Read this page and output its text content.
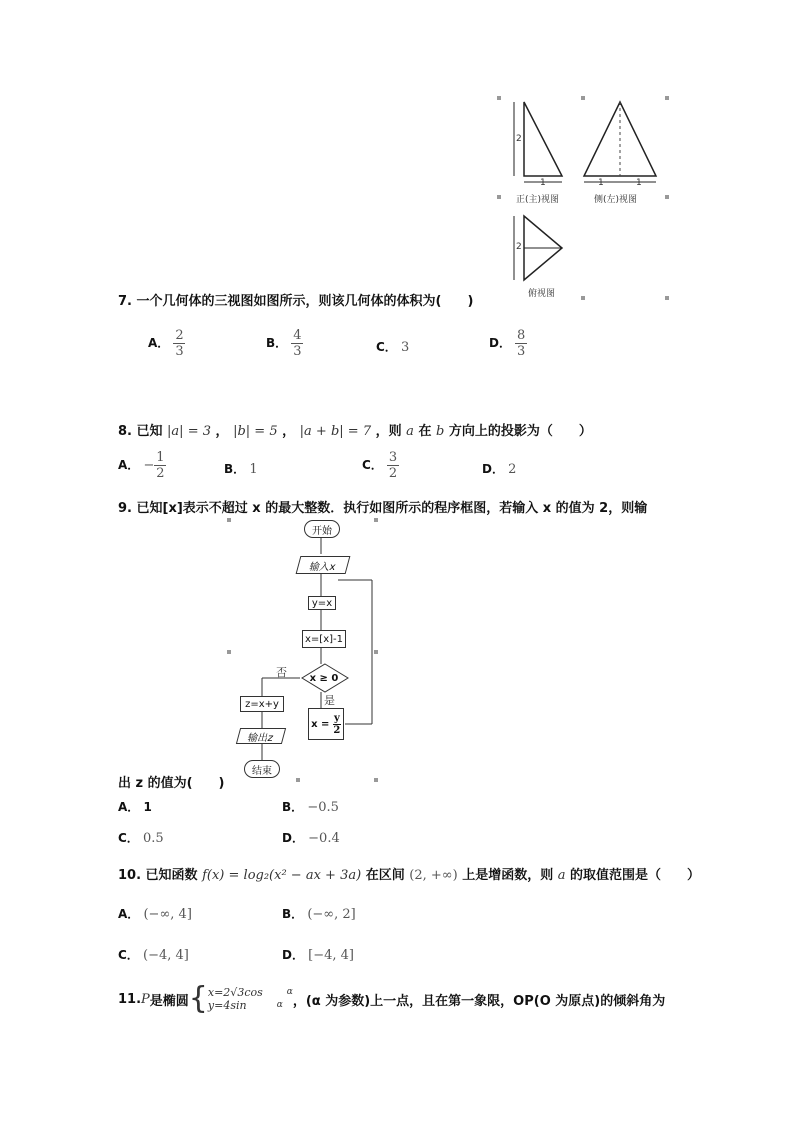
2
1	1	1
2
正(主)视图	侧(左)视图
俯视图
7. 一个几何体的三视图如图所示，则该几何体的体积为(　　)
A． $\frac{2}{3}$	B． $\frac{4}{3}$	C． 3	D． $\frac{8}{3}$
8. 已知 |a| = 3 ， |b| = 5 ， |a + b| = 7 ，则 a 在 b 方向上的投影为（　　）
A． − $\frac{1}{2}$	B． 1	C． $\frac{3}{2}$	D． 2
9. 已知[x]表示不超过 x 的最大整数．执行如图所示的程序框图，若输入 x 的值为 2，则输
开始
输入x
y=x
x=[x]-1
x ≥ 0
否
是
z=x+y
x =
$\frac{y}{2}$
输出z
结束
出 z 的值为(　　)
A． 1	B． −0.5
C． 0.5	D． −0.4
10. 已知函数 f(x) = log₂(x² − ax + 3a) 在区间 (2, +∞) 上是增函数，则 a 的取值范围是（　　）
A． (−∞, 4]	B． (−∞, 2]
C． (−4, 4]	D． [−4, 4]
11. P 是椭圆 { x=2√3cos
y=4sin
α
α ，(α 为参数)上一点，且在第一象限，OP(O 为原点)的倾斜角为
